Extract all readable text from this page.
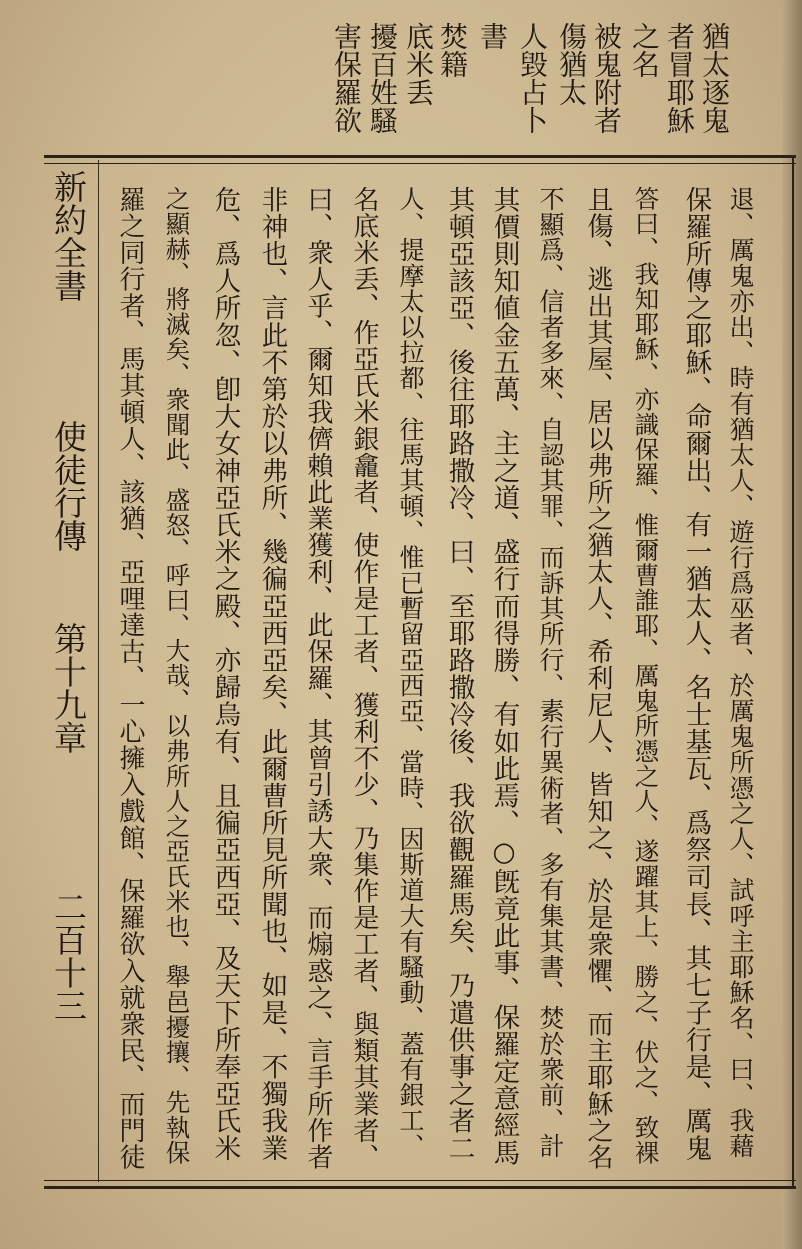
猶太逐鬼
者冒耶穌
之名
被鬼附者
傷猶太
人毀占卜
書
焚籍
底米丢
擾百姓騷
害保羅欲
退、厲鬼亦出、時有猶太人、遊行爲巫者、於厲鬼所憑之人、試呼主耶穌名、曰、我藉
保羅所傳之耶穌、命爾出、有一猶太人、名士基瓦、爲祭司長、其七子行是、厲鬼
答曰、我知耶穌、亦識保羅、惟爾曹誰耶、厲鬼所憑之人、遂躍其上、勝之、伏之、致裸
且傷、逃出其屋、居以弗所之猶太人、希利尼人、皆知之、於是衆懼、而主耶穌之名
不顯爲、信者多來、自認其罪、而訴其所行、素行異術者、多有集其書、焚於衆前、計
其價則知値金五萬、主之道、盛行而得勝、有如此焉、○旣竟此事、保羅定意經馬
其頓亞該亞、後往耶路撒冷、曰、至耶路撒冷後、我欲觀羅馬矣、乃遣供事之者二
人、提摩太以拉都、往馬其頓、惟已暫留亞西亞、當時、因斯道大有騷動、蓋有銀工、
名底米丢、作亞氏米銀龕者、使作是工者、獲利不少、乃集作是工者、與類其業者、
曰、衆人乎、爾知我儕賴此業獲利、此保羅、其曾引誘大衆、而煽惑之、言手所作者
非神也、言此不第於以弗所、幾徧亞西亞矣、此爾曹所見所聞也、如是、不獨我業
危、爲人所忽、卽大女神亞氏米之殿、亦歸烏有、且徧亞西亞、及天下所奉亞氏米
之顯赫、將滅矣、衆聞此、盛怒、呼曰、大哉、以弗所人之亞氏米也、舉邑擾攘、先執保
羅之同行者、馬其頓人、該猶、亞哩達古、一心擁入戲館、保羅欲入就衆民、而門徒
新約全書
使徒行傳
第十九章
二百十三
